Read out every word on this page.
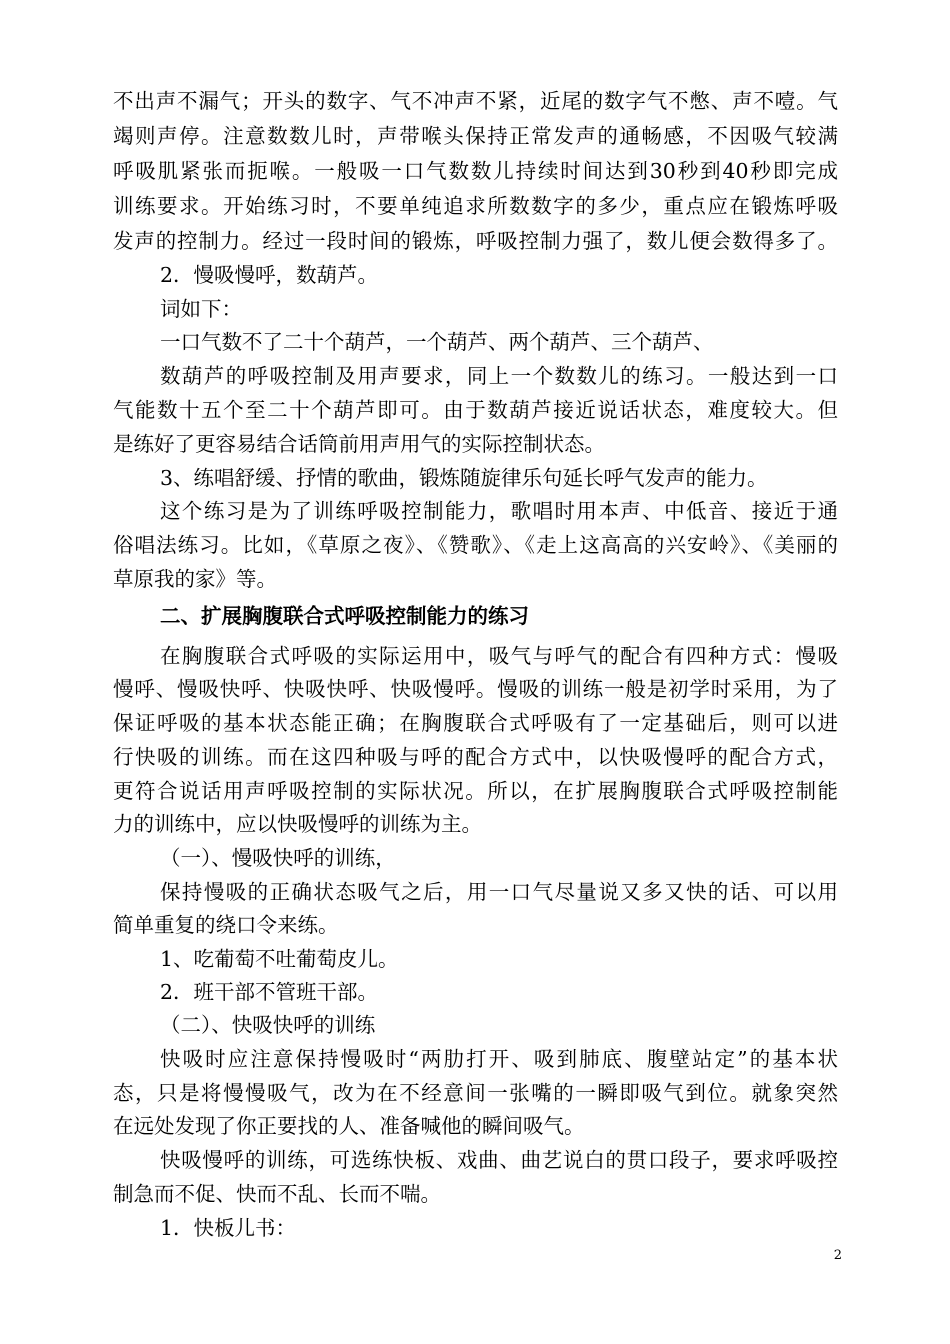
不出声不漏气；开头的数字、气不冲声不紧，近尾的数字气不憋、声不噎。气
竭则声停。注意数数儿时，声带喉头保持正常发声的通畅感，不因吸气较满
呼吸肌紧张而扼喉。一般吸一口气数数儿持续时间达到30秒到40秒即完成
训练要求。开始练习时，不要单纯追求所数数字的多少，重点应在锻炼呼吸
发声的控制力。经过一段时间的锻炼，呼吸控制力强了，数儿便会数得多了。
2．慢吸慢呼，数葫芦。
词如下：
一口气数不了二十个葫芦，一个葫芦、两个葫芦、三个葫芦、
数葫芦的呼吸控制及用声要求，同上一个数数儿的练习。一般达到一口
气能数十五个至二十个葫芦即可。由于数葫芦接近说话状态，难度较大。但
是练好了更容易结合话筒前用声用气的实际控制状态。
3、练唱舒缓、抒情的歌曲，锻炼随旋律乐句延长呼气发声的能力。
这个练习是为了训练呼吸控制能力，歌唱时用本声、中低音、接近于通
俗唱法练习。比如，《草原之夜》、《赞歌》、《走上这高高的兴安岭》、《美丽的
草原我的家》等。
二、扩展胸腹联合式呼吸控制能力的练习
在胸腹联合式呼吸的实际运用中，吸气与呼气的配合有四种方式：慢吸
慢呼、慢吸快呼、快吸快呼、快吸慢呼。慢吸的训练一般是初学时采用，为了
保证呼吸的基本状态能正确；在胸腹联合式呼吸有了一定基础后，则可以进
行快吸的训练。而在这四种吸与呼的配合方式中，以快吸慢呼的配合方式，
更符合说话用声呼吸控制的实际状况。所以，在扩展胸腹联合式呼吸控制能
力的训练中，应以快吸慢呼的训练为主。
（一）、慢吸快呼的训练，
保持慢吸的正确状态吸气之后，用一口气尽量说又多又快的话、可以用
简单重复的绕口令来练。
1、吃葡萄不吐葡萄皮儿。
2．班干部不管班干部。
（二）、快吸快呼的训练
快吸时应注意保持慢吸时“两肋打开、吸到肺底、腹壁站定”的基本状
态，只是将慢慢吸气，改为在不经意间一张嘴的一瞬即吸气到位。就象突然
在远处发现了你正要找的人、准备喊他的瞬间吸气。
快吸慢呼的训练，可选练快板、戏曲、曲艺说白的贯口段子，要求呼吸控
制急而不促、快而不乱、长而不喘。
1．快板儿书：
2
